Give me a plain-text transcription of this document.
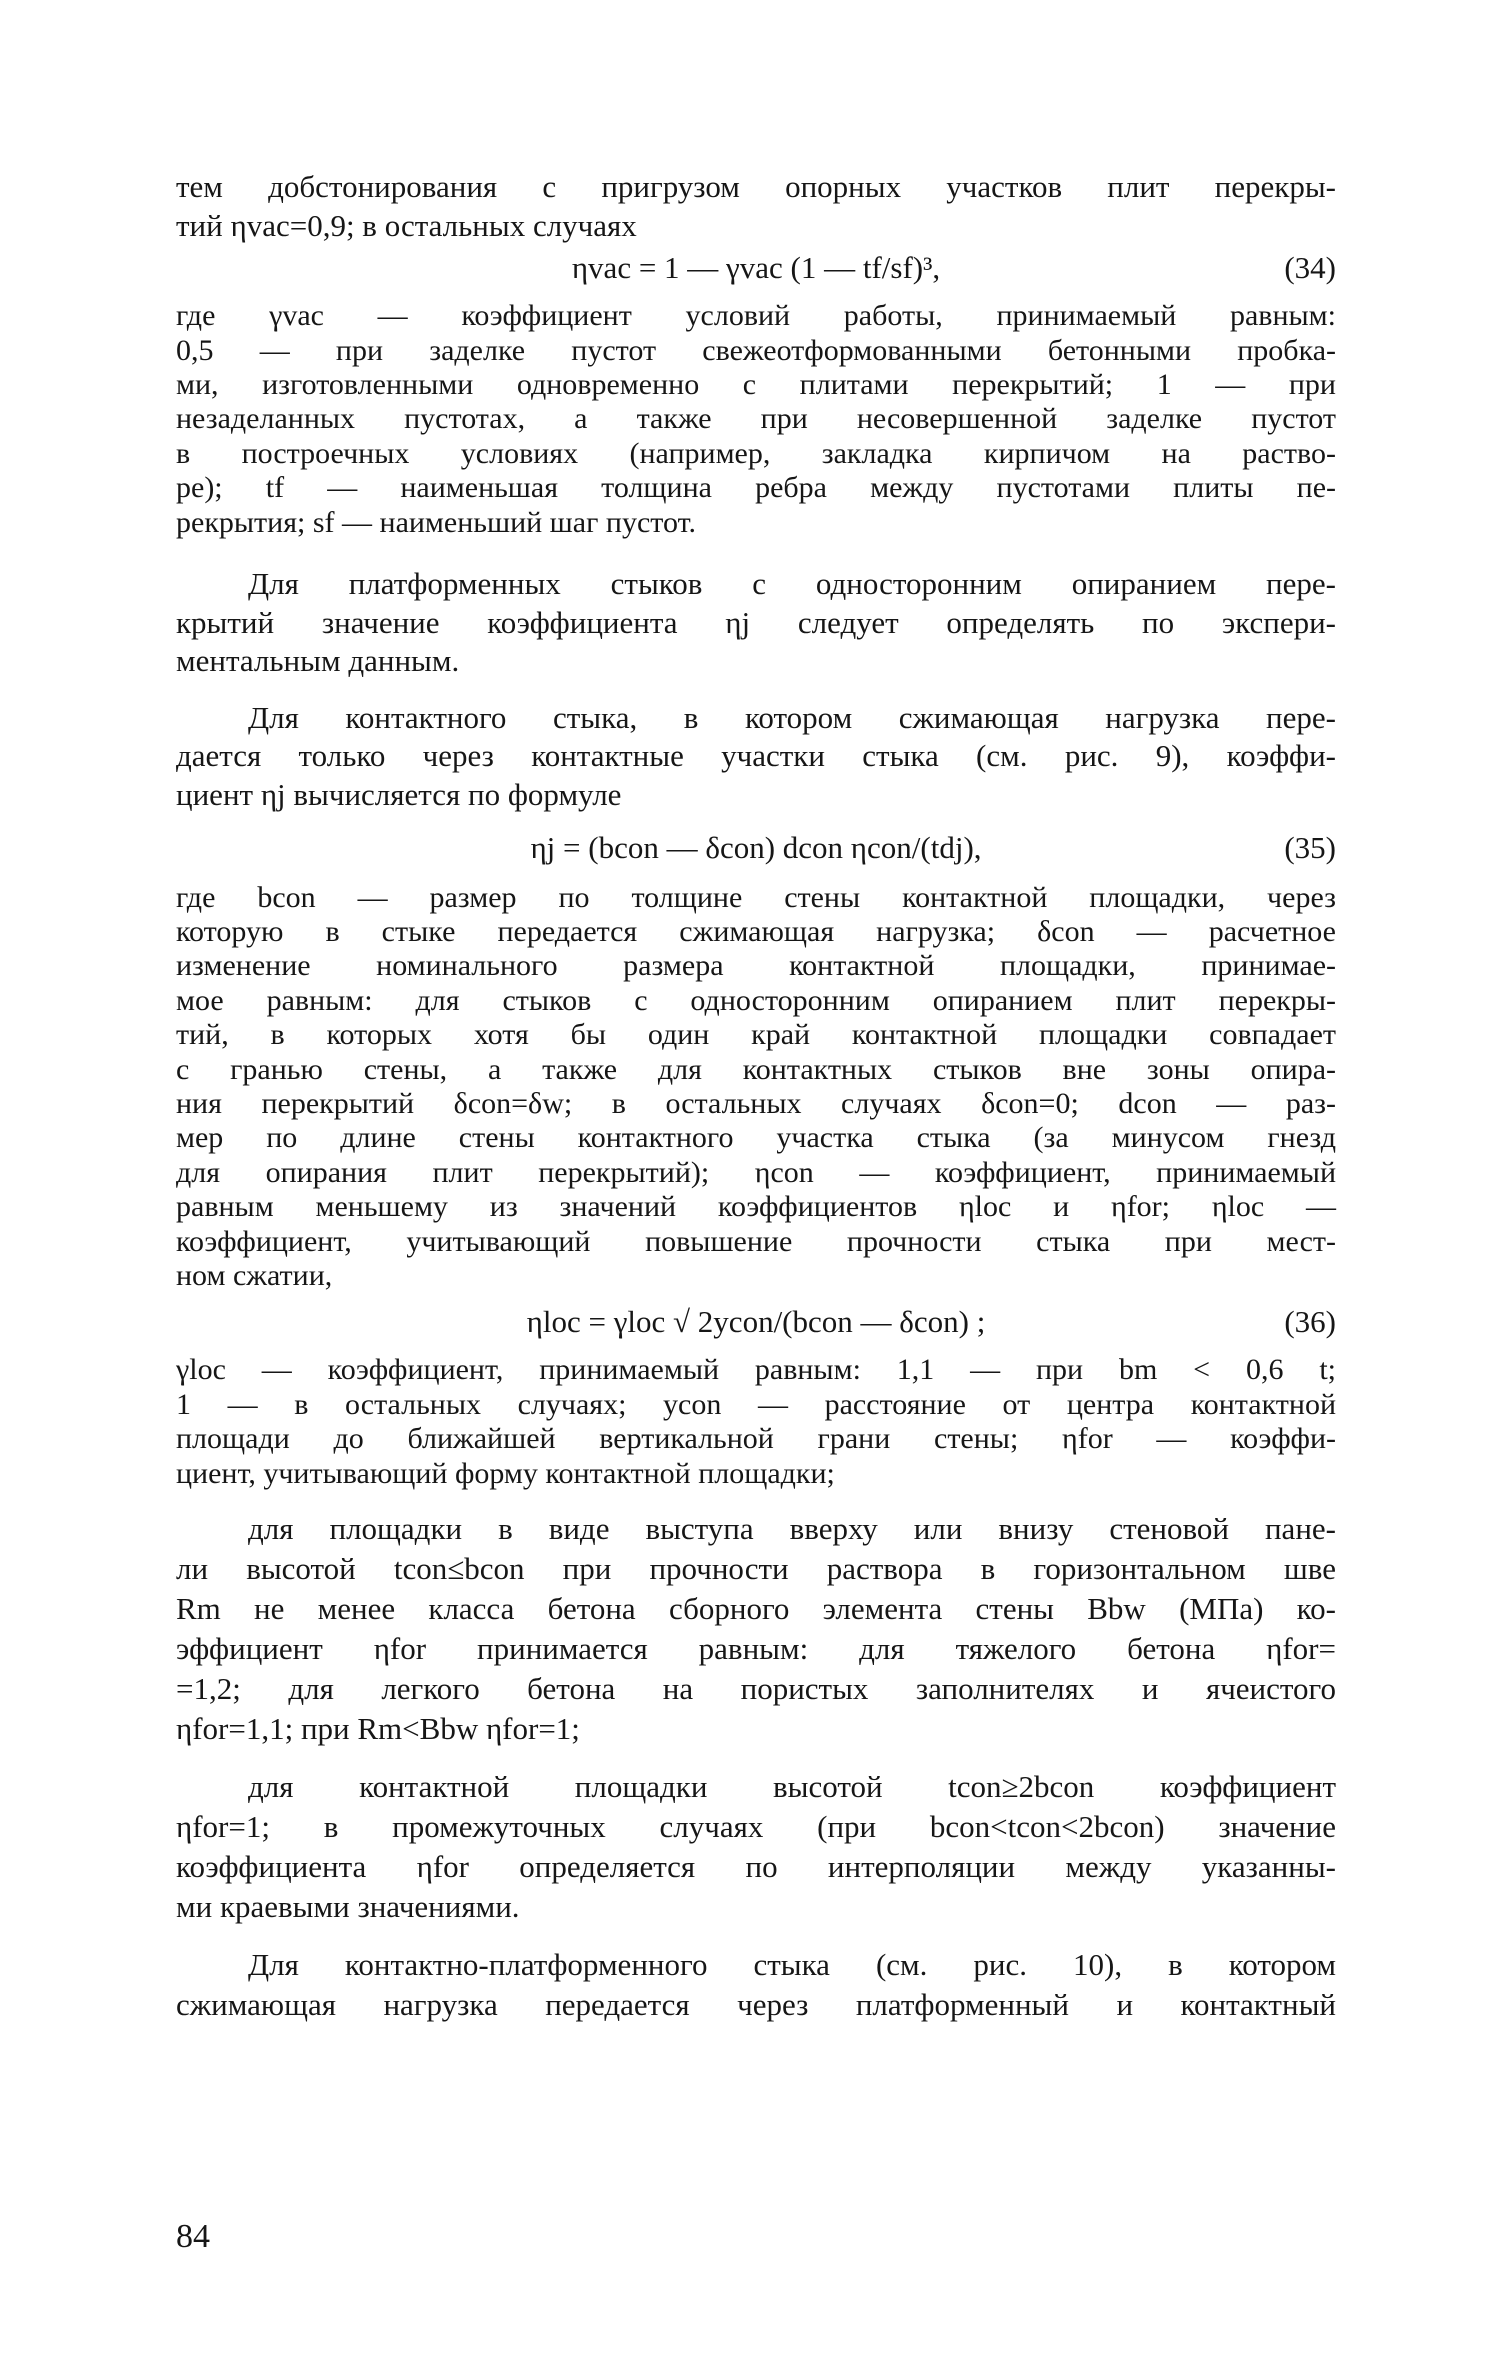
тем добстонирования с пригрузом опорных участков плит перекры-
тий ηvac=0,9; в остальных случаях

ηvac = 1 — γvac (1 — tf/sf)³,	(34)

где γvac — коэффициент условий работы, принимаемый равным:
0,5 — при заделке пустот свежеотформованными бетонными пробка-
ми, изготовленными одновременно с плитами перекрытий; 1 — при
незаделанных пустотах, а также при несовершенной заделке пустот
в построечных условиях (например, закладка кирпичом на раство-
ре); tf — наименьшая толщина ребра между пустотами плиты пе-
рекрытия; sf — наименьший шаг пустот.

Для платформенных стыков с односторонним опиранием пере-
крытий значение коэффициента ηj следует определять по экспери-
ментальным данным.

Для контактного стыка, в котором сжимающая нагрузка пере-
дается только через контактные участки стыка (см. рис. 9), коэффи-
циент ηj вычисляется по формуле

ηj = (bcon — δcon) dcon ηcon/(tdj),	(35)

где bcon — размер по толщине стены контактной площадки, через
которую в стыке передается сжимающая нагрузка; δcon — расчетное
изменение номинального размера контактной площадки, принимае-
мое равным: для стыков с односторонним опиранием плит перекры-
тий, в которых хотя бы один край контактной площадки совпадает
с гранью стены, а также для контактных стыков вне зоны опира-
ния перекрытий δcon=δw; в остальных случаях δcon=0; dcon — раз-
мер по длине стены контактного участка стыка (за минусом гнезд
для опирания плит перекрытий); ηcon — коэффициент, принимаемый
равным меньшему из значений коэффициентов ηloc и ηfor; ηloc —
коэффициент, учитывающий повышение прочности стыка при мест-
ном сжатии,

ηloc = γloc √ 2ycon/(bcon — δcon) ;	(36)

γloc — коэффициент, принимаемый равным: 1,1 — при bm < 0,6 t;
1 — в остальных случаях; ycon — расстояние от центра контактной
площади до ближайшей вертикальной грани стены; ηfor — коэффи-
циент, учитывающий форму контактной площадки;

для площадки в виде выступа вверху или внизу стеновой пане-
ли высотой tcon≤bcon при прочности раствора в горизонтальном шве
Rm не менее класса бетона сборного элемента стены Bbw (МПа) ко-
эффициент ηfor принимается равным: для тяжелого бетона ηfor=
=1,2; для легкого бетона на пористых заполнителях и ячеистого
ηfor=1,1; при Rm<Bbw ηfor=1;

для контактной площадки высотой tcon≥2bcon коэффициент
ηfor=1; в промежуточных случаях (при bcon<tcon<2bcon) значение
коэффициента ηfor определяется по интерполяции между указанны-
ми краевыми значениями.

Для контактно-платформенного стыка (см. рис. 10), в котором
сжимающая нагрузка передается через платформенный и контактный

84
